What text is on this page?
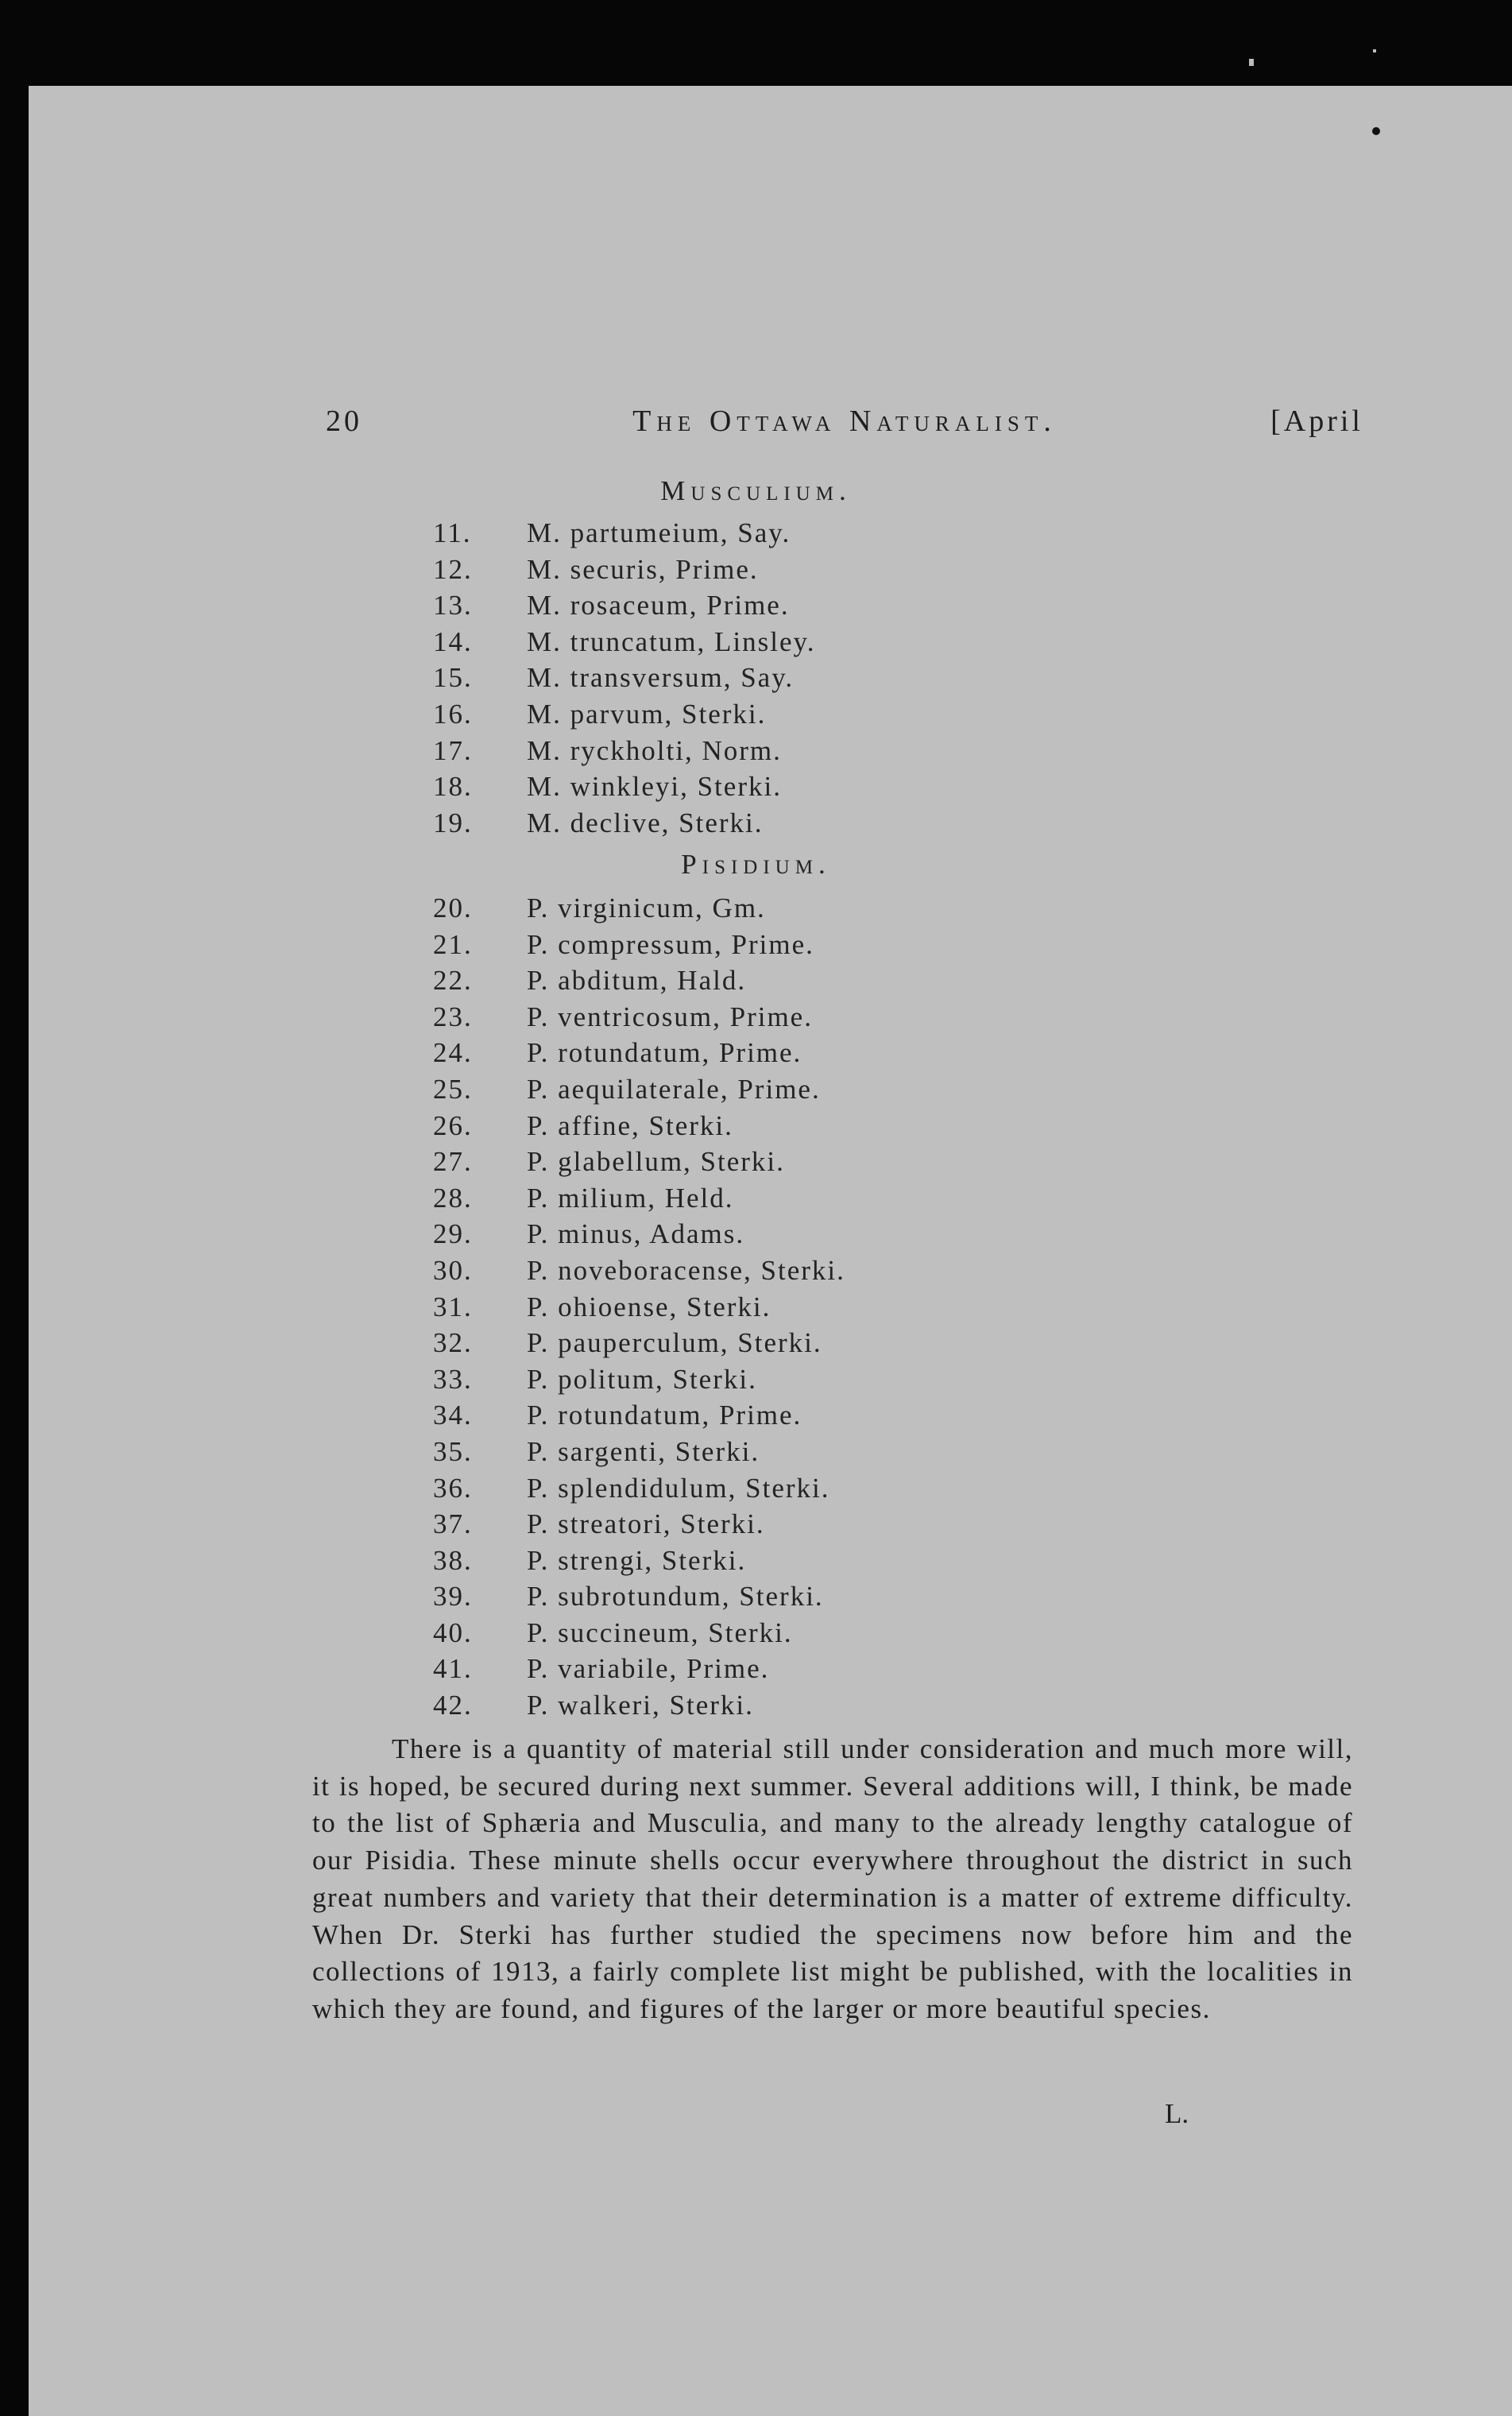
20	The Ottawa Naturalist.	[April
Musculium.
11. M. partumeium, Say.
12. M. securis, Prime.
13. M. rosaceum, Prime.
14. M. truncatum, Linsley.
15. M. transversum, Say.
16. M. parvum, Sterki.
17. M. ryckholti, Norm.
18. M. winkleyi, Sterki.
19. M. declive, Sterki.
Pisidium.
20. P. virginicum, Gm.
21. P. compressum, Prime.
22. P. abditum, Hald.
23. P. ventricosum, Prime.
24. P. rotundatum, Prime.
25. P. aequilaterale, Prime.
26. P. affine, Sterki.
27. P. glabellum, Sterki.
28. P. milium, Held.
29. P. minus, Adams.
30. P. noveboracense, Sterki.
31. P. ohioense, Sterki.
32. P. pauperculum, Sterki.
33. P. politum, Sterki.
34. P. rotundatum, Prime.
35. P. sargenti, Sterki.
36. P. splendidulum, Sterki.
37. P. streatori, Sterki.
38. P. strengi, Sterki.
39. P. subrotundum, Sterki.
40. P. succineum, Sterki.
41. P. variabile, Prime.
42. P. walkeri, Sterki.

There is a quantity of material still under consideration and much more will, it is hoped, be secured during next summer. Several additions will, I think, be made to the list of Sphæria and Musculia, and many to the already lengthy catalogue of our Pisidia. These minute shells occur everywhere throughout the district in such great numbers and variety that their determination is a matter of extreme difficulty. When Dr. Sterki has further studied the specimens now before him and the collections of 1913, a fairly complete list might be published, with the localities in which they are found, and figures of the larger or more beautiful species.

L.
